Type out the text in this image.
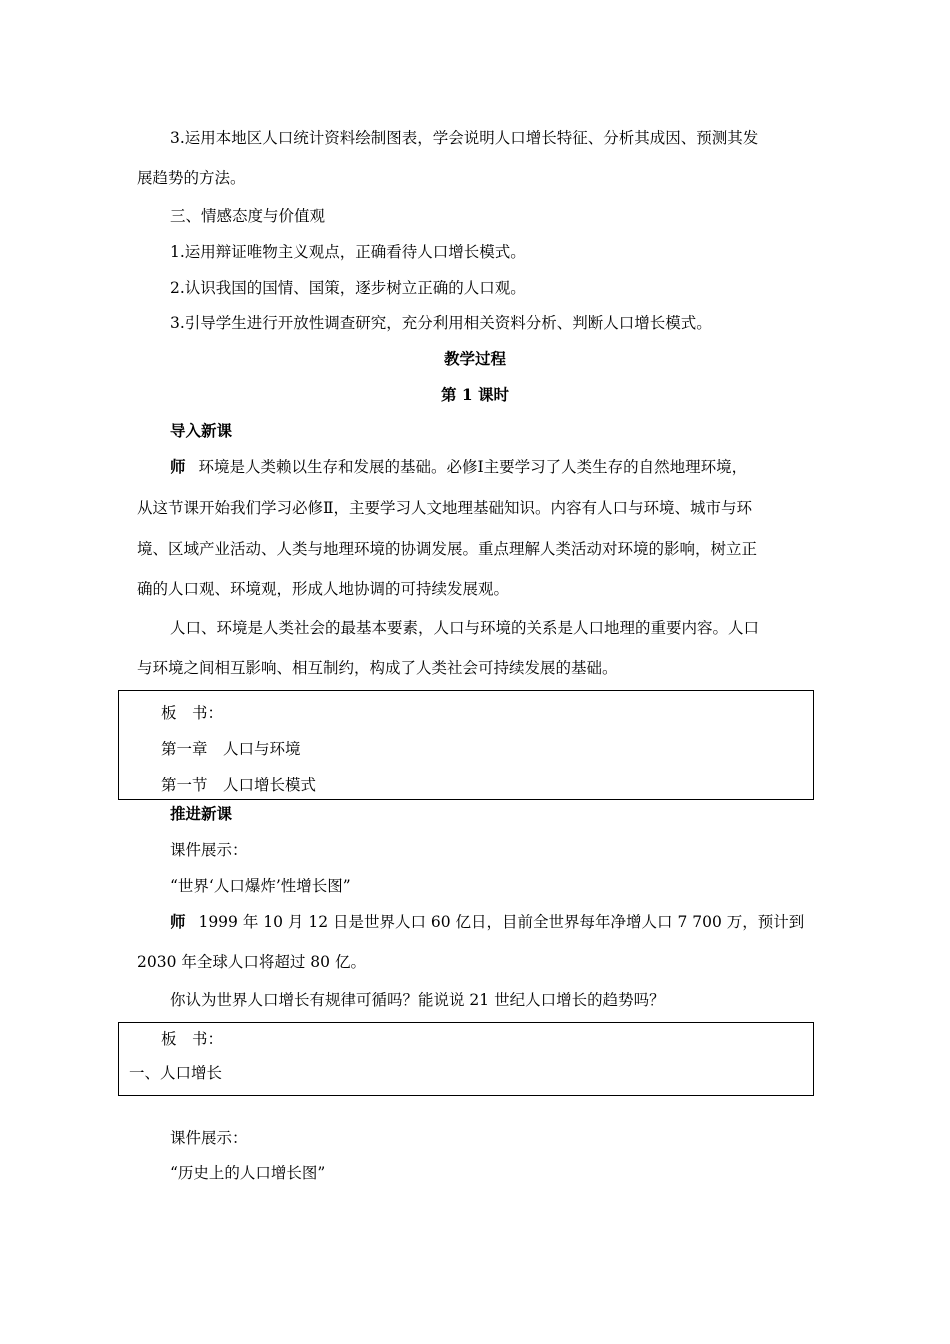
3.运用本地区人口统计资料绘制图表，学会说明人口增长特征、分析其成因、预测其发
展趋势的方法。
三、情感态度与价值观
1.运用辩证唯物主义观点，正确看待人口增长模式。
2.认识我国的国情、国策，逐步树立正确的人口观。
3.引导学生进行开放性调查研究，充分利用相关资料分析、判断人口增长模式。
教学过程
第 1 课时
导入新课
师 环境是人类赖以生存和发展的基础。必修Ⅰ主要学习了人类生存的自然地理环境，
从这节课开始我们学习必修Ⅱ，主要学习人文地理基础知识。内容有人口与环境、城市与环
境、区域产业活动、人类与地理环境的协调发展。重点理解人类活动对环境的影响，树立正
确的人口观、环境观，形成人地协调的可持续发展观。
人口、环境是人类社会的最基本要素，人口与环境的关系是人口地理的重要内容。人口
与环境之间相互影响、相互制约，构成了人类社会可持续发展的基础。
板　书：
第一章　人口与环境
第一节　人口增长模式
推进新课
课件展示：
“世界‘人口爆炸’性增长图”
师 1999 年 10 月 12 日是世界人口 60 亿日，目前全世界每年净增人口 7 700 万，预计到
2030 年全球人口将超过 80 亿。
你认为世界人口增长有规律可循吗？能说说 21 世纪人口增长的趋势吗？
板　书：
一、人口增长
课件展示：
“历史上的人口增长图”
